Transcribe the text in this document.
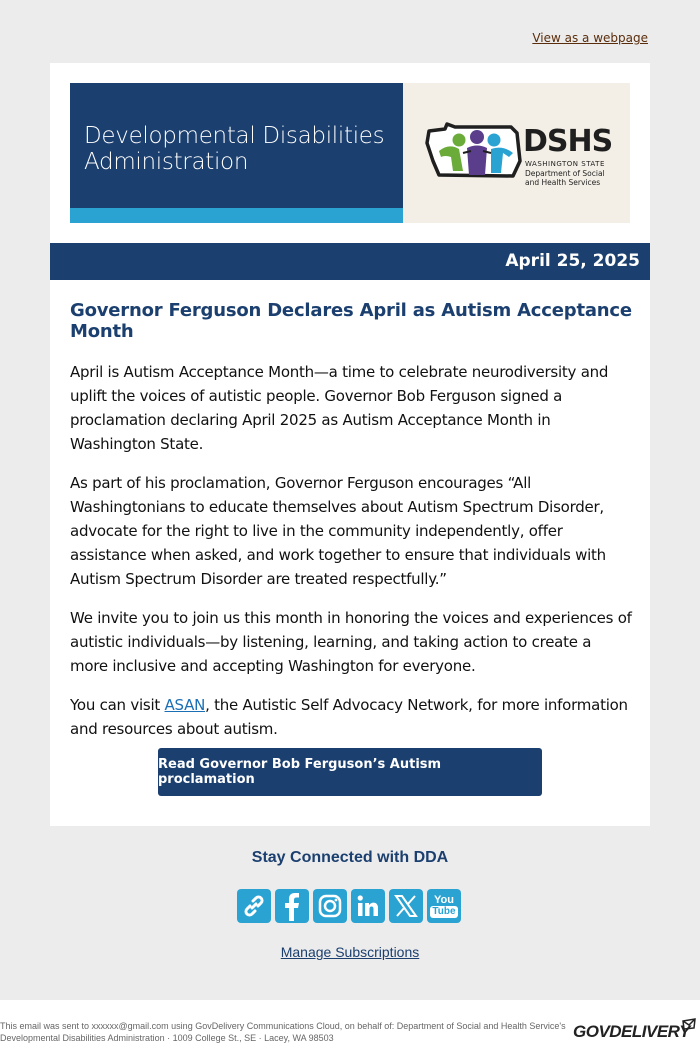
View as a webpage
Developmental Disabilities
Administration
DSHS
WASHINGTON STATE
Department of Social
and Health Services
April 25, 2025
Governor Ferguson Declares April as Autism Acceptance Month

April is Autism Acceptance Month—a time to celebrate neurodiversity and uplift the voices of autistic people. Governor Bob Ferguson signed a proclamation declaring April 2025 as Autism Acceptance Month in Washington State.

As part of his proclamation, Governor Ferguson encourages “All Washingtonians to educate themselves about Autism Spectrum Disorder, advocate for the right to live in the community independently, offer assistance when asked, and work together to ensure that individuals with Autism Spectrum Disorder are treated respectfully.”

We invite you to join us this month in honoring the voices and experiences of autistic individuals—by listening, learning, and taking action to create a more inclusive and accepting Washington for everyone.

You can visit ASAN, the Autistic Self Advocacy Network, for more information and resources about autism.

Read Governor Bob Ferguson’s Autism proclamation
Stay Connected with DDA
You
Tube
Manage Subscriptions
This email was sent to xxxxxx@gmail.com using GovDelivery Communications Cloud, on behalf of: Department of Social and Health Service's Developmental Disabilities Administration · 1009 College St., SE · Lacey, WA 98503	GOVDELIVERY
